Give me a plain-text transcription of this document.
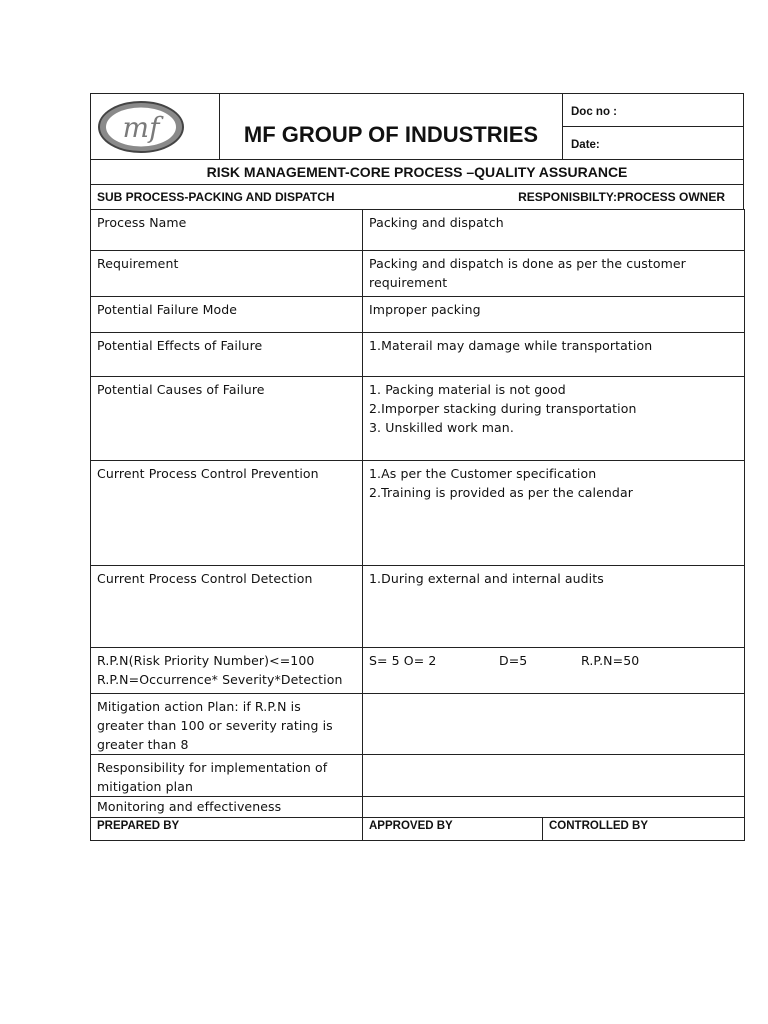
mf	MF GROUP OF INDUSTRIES	Doc no :
Date:
RISK MANAGEMENT-CORE PROCESS –QUALITY ASSURANCE
SUB PROCESS-PACKING AND DISPATCH	RESPONISBILTY:PROCESS OWNER
Process Name	Packing and dispatch

Requirement	Packing and dispatch is done as per the customer
requirement

Potential Failure Mode	Improper packing

Potential Effects of Failure	1.Materail may damage while transportation

Potential Causes of Failure	1. Packing material is not good
2.Imporper stacking during transportation
3. Unskilled work man.

Current Process Control Prevention	1.As per the Customer specification
2.Training is provided as per the calendar

Current Process Control Detection	1.During external and internal audits

R.P.N(Risk Priority Number)<=100
R.P.N=Occurrence* Severity*Detection	S= 5 O= 2 D=5 R.P.N=50

Mitigation action Plan: if R.P.N is
greater than 100 or severity rating is
greater than 8	

Responsibility for implementation of
mitigation plan	

Monitoring and effectiveness	

PREPARED BY	APPROVED BY	CONTROLLED BY
